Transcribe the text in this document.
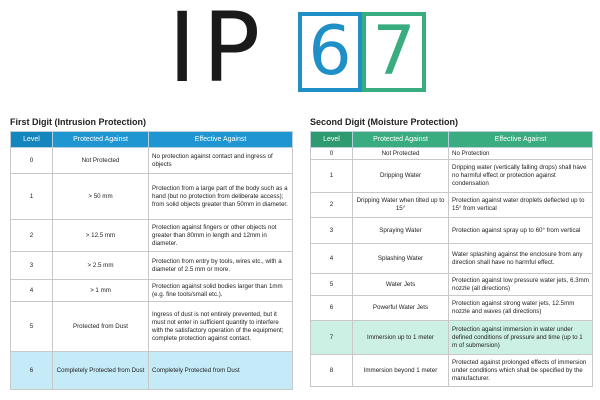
IP 6 7
First Digit (Intrusion Protection)	Second Digit (Moisture Protection)
Level	Protected Against	Effective Against
0	Not Protected	No protection against contact and ingress of objects
1	> 50 mm	Protection from a large part of the body such as a hand (but no protection from deliberate access); from solid objects greater than 50mm in diameter.
2	> 12.5 mm	Protection against fingers or other objects not greater than 80mm in length and 12mm in diameter.
3	> 2.5 mm	Protection from entry by tools, wires etc., with a diameter of 2.5 mm or more.
4	> 1 mm	Protection against solid bodies larger than 1mm (e.g. fine tools/small etc.).
5	Protected from Dust	Ingress of dust is not entirely prevented, but it must not enter in sufficient quantity to interfere with the satisfactory operation of the equipment; complete protection against contact.
6	Completely Protected from Dust	Completely Protected from Dust
Level	Protected Against	Effective Against
0	Not Protected	No Protection
1	Dripping Water	Dripping water (vertically falling drops) shall have no harmful effect or protection against condensation
2	Dripping Water when tilted up to 15°	Protection against water droplets deflected up to 15° from vertical
3	Spraying Water	Protection against spray up to 60° from vertical
4	Splashing Water	Water splashing against the enclosure from any direction shall have no harmful effect.
5	Water Jets	Protection against low pressure water jets, 6.3mm nozzle (all directions)
6	Powerful Water Jets	Protection against strong water jets, 12.5mm nozzle and waves (all directions)
7	Immersion up to 1 meter	Protection against immersion in water under defined conditions of pressure and time (up to 1 m of submersion)
8	Immersion beyond 1 meter	Protected against prolonged effects of immersion under conditions which shall be specified by the manufacturer.
